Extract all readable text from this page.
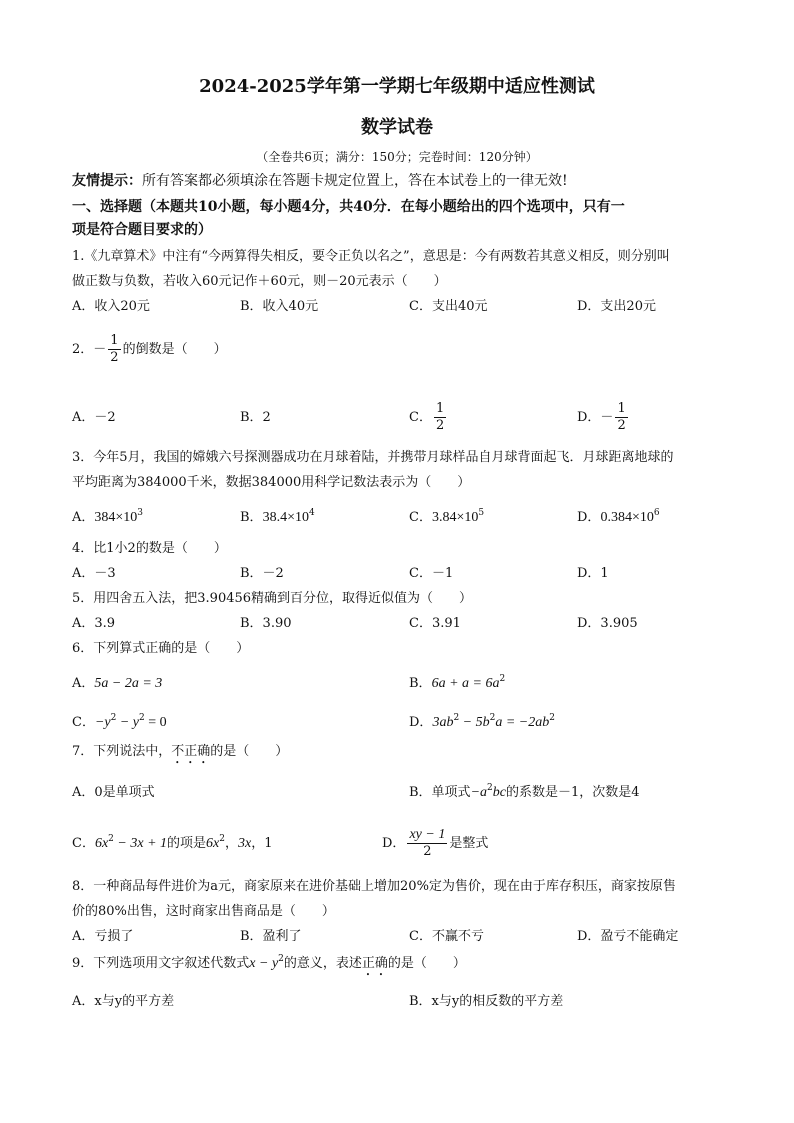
2024-2025学年第一学期七年级期中适应性测试
数学试卷
（全卷共6页；满分：150分；完卷时间：120分钟）
友情提示：所有答案都必须填涂在答题卡规定位置上，答在本试卷上的一律无效!
一、选择题（本题共10小题，每小题4分，共40分．在每小题给出的四个选项中，只有一
项是符合题目要求的）
1.《九章算术》中注有“今两算得失相反，要令正负以名之”，意思是：今有两数若其意义相反，则分别叫
做正数与负数，若收入60元记作＋60元，则－20元表示（　　）
A．收入20元	B．收入40元	C．支出40元	D．支出20元
2．－ $\frac{1}{2}$ 的倒数是（　　）
A．－2	B．2	C． $\frac{1}{2}$	D．－ $\frac{1}{2}$
3．今年5月，我国的嫦娥六号探测器成功在月球着陆，并携带月球样品自月球背面起飞．月球距离地球的
平均距离为384000千米，数据384000用科学记数法表示为（　　）
A．$384\times 10^3$	B．$38.4\times 10^4$	C．$3.84\times 10^5$	D．$0.384\times 10^6$
4．比1小2的数是（　　）
A．－3	B．－2	C．－1	D．1
5．用四舍五入法，把3.90456精确到百分位，取得近似值为（　　）
A．3.9	B．3.90	C．3.91	D．3.905
6．下列算式正确的是（　　）
A．5a − 2a = 3	B．$6a + a = 6a^2$
C．$-y^2 - y^2 = 0$	D．$3ab^2 - 5b^2a = -2ab^2$
7．下列说法中，不正确的是（　　）
A．0是单项式	B．单项式$-a^2bc$的系数是－1，次数是4
C．$6x^2 - 3x + 1$的项是$6x^2$，3x，1	D． $\frac{xy - 1}{2}$ 是整式
8．一种商品每件进价为a元，商家原来在进价基础上增加20%定为售价，现在由于库存积压，商家按原售
价的80%出售，这时商家出售商品是（　　）
A．亏损了	B．盈利了	C．不赢不亏	D．盈亏不能确定
9．下列选项用文字叙述代数式$x - y^2$的意义，表述正确的是（　　）
A．x与y的平方差	B．x与y的相反数的平方差
